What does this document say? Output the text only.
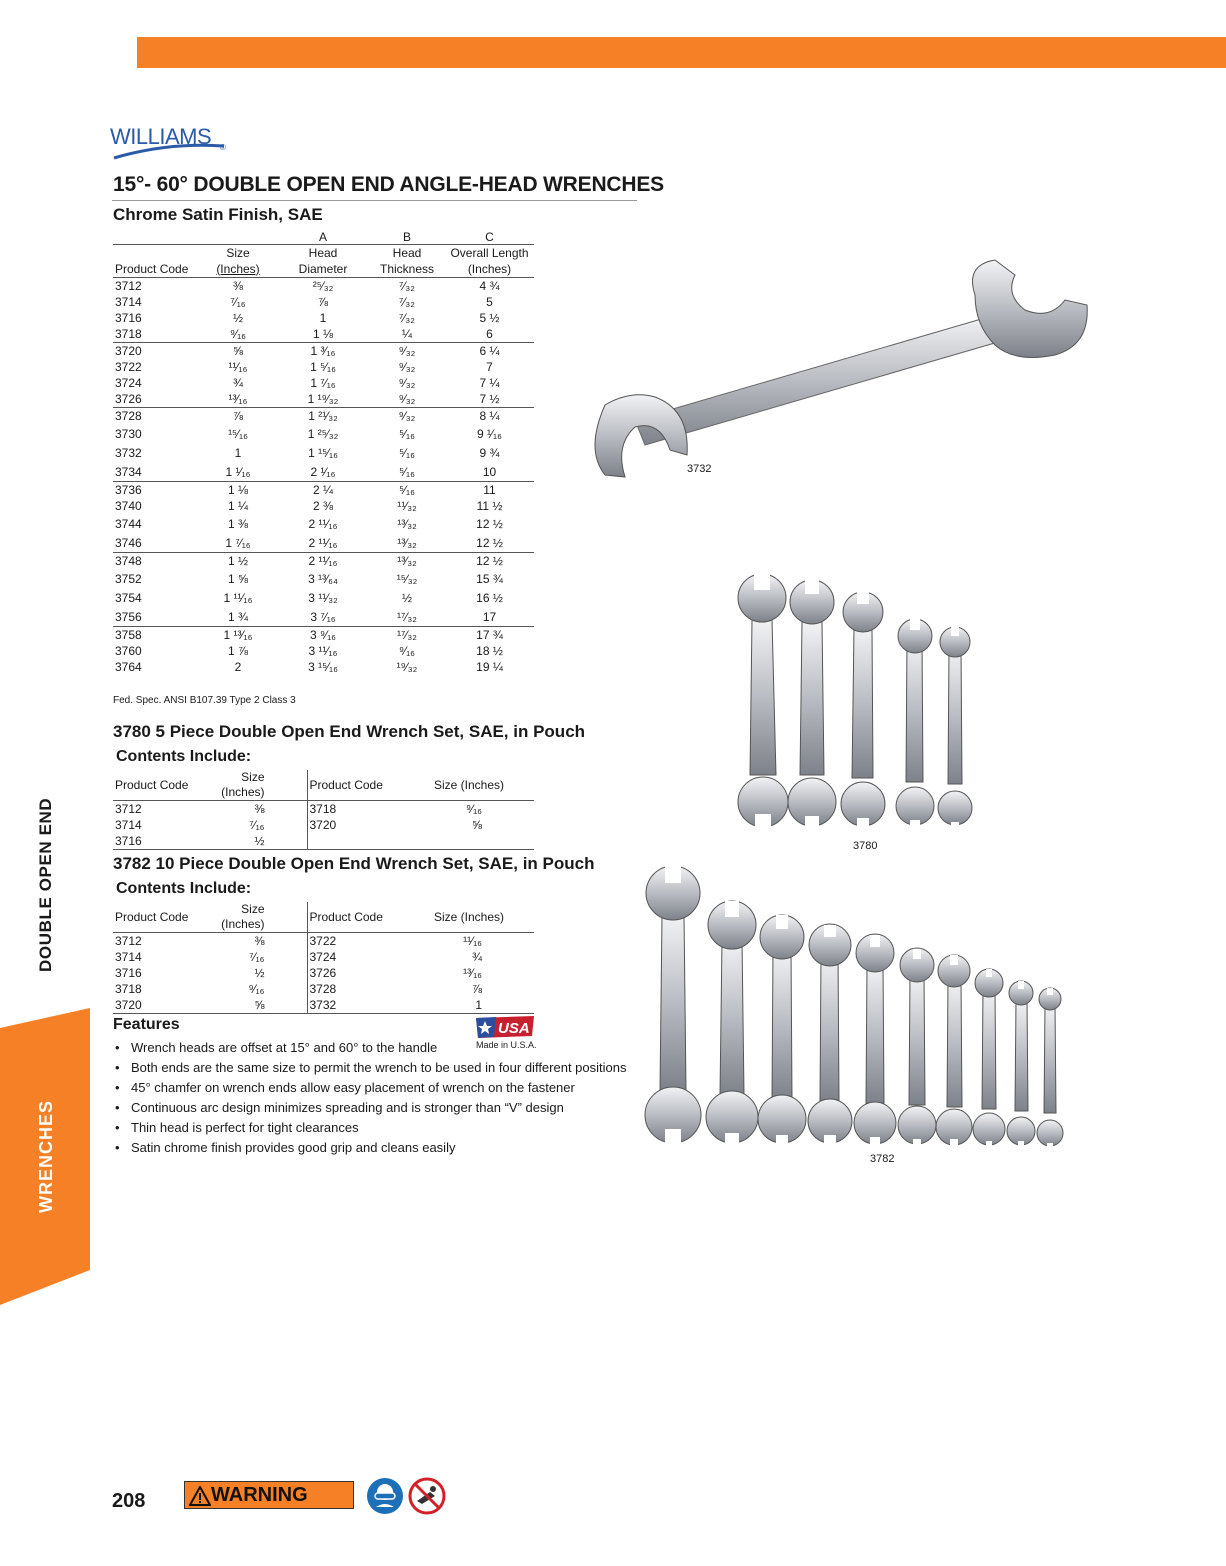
WILLIAMS ®
15°- 60° DOUBLE OPEN END ANGLE-HEAD WRENCHES
Chrome Satin Finish, SAE
		A	B	C
	Size	Head	Head	Overall Length
Product Code	(Inches)	Diameter	Thickness	(Inches)
3712	⅜	²⁵⁄₃₂	⁷⁄₃₂	4 ¾
3714	⁷⁄₁₆	⅞	⁷⁄₃₂	5
3716	½	1	⁷⁄₃₂	5 ½
3718	⁹⁄₁₆	1 ⅛	¼	6
3720	⅝	1 ³⁄₁₆	⁹⁄₃₂	6 ¼
3722	¹¹⁄₁₆	1 ⁵⁄₁₆	⁹⁄₃₂	7
3724	¾	1 ⁷⁄₁₆	⁹⁄₃₂	7 ¼
3726	¹³⁄₁₆	1 ¹⁹⁄₃₂	⁹⁄₃₂	7 ½
3728	⅞	1 ²¹⁄₃₂	⁹⁄₃₂	8 ¼
3730	¹⁵⁄₁₆	1 ²⁵⁄₃₂	⁵⁄₁₆	9 ¹⁄₁₆
3732	1	1 ¹⁵⁄₁₆	⁵⁄₁₆	9 ¾
3734	1 ¹⁄₁₆	2 ¹⁄₁₆	⁵⁄₁₆	10
3736	1 ⅛	2 ¼	⁵⁄₁₆	11
3740	1 ¼	2 ⅜	¹¹⁄₃₂	11 ½
3744	1 ⅜	2 ¹¹⁄₁₆	¹³⁄₃₂	12 ½
3746	1 ⁷⁄₁₆	2 ¹¹⁄₁₆	¹³⁄₃₂	12 ½
3748	1 ½	2 ¹¹⁄₁₆	¹³⁄₃₂	12 ½
3752	1 ⅝	3 ¹³⁄₆₄	¹⁵⁄₃₂	15 ¾
3754	1 ¹¹⁄₁₆	3 ¹¹⁄₃₂	½	16 ½
3756	1 ¾	3 ⁷⁄₁₆	¹⁷⁄₃₂	17
3758	1 ¹³⁄₁₆	3 ⁹⁄₁₆	¹⁷⁄₃₂	17 ¾
3760	1 ⅞	3 ¹¹⁄₁₆	⁹⁄₁₆	18 ½
3764	2	3 ¹⁵⁄₁₆	¹⁹⁄₃₂	19 ¼
Fed. Spec. ANSI B107.39 Type 2 Class 3
3780 5 Piece Double Open End Wrench Set, SAE, in Pouch
Contents Include:
Product Code	Size (Inches)	Product Code	Size (Inches)
3712	⅜	3718	⁹⁄₁₆
3714	⁷⁄₁₆	3720	⅝
3716	½		
3782 10 Piece Double Open End Wrench Set, SAE, in Pouch
Contents Include:
Product Code	Size (Inches)	Product Code	Size (Inches)
3712	⅜	3722	¹¹⁄₁₆
3714	⁷⁄₁₆	3724	¾
3716	½	3726	¹³⁄₁₆
3718	⁹⁄₁₆	3728	⅞
3720	⅝	3732	1
Features
• Wrench heads are offset at 15° and 60° to the handle
• Both ends are the same size to permit the wrench to be used in four different positions
• 45° chamfer on wrench ends allow easy placement of wrench on the fastener
• Continuous arc design minimizes spreading and is stronger than “V” design
• Thin head is perfect for tight clearances
• Satin chrome finish provides good grip and cleans easily
USA
Made in U.S.A.
3732
3780
3782
DOUBLE OPEN END
WRENCHES
208	WARNING
